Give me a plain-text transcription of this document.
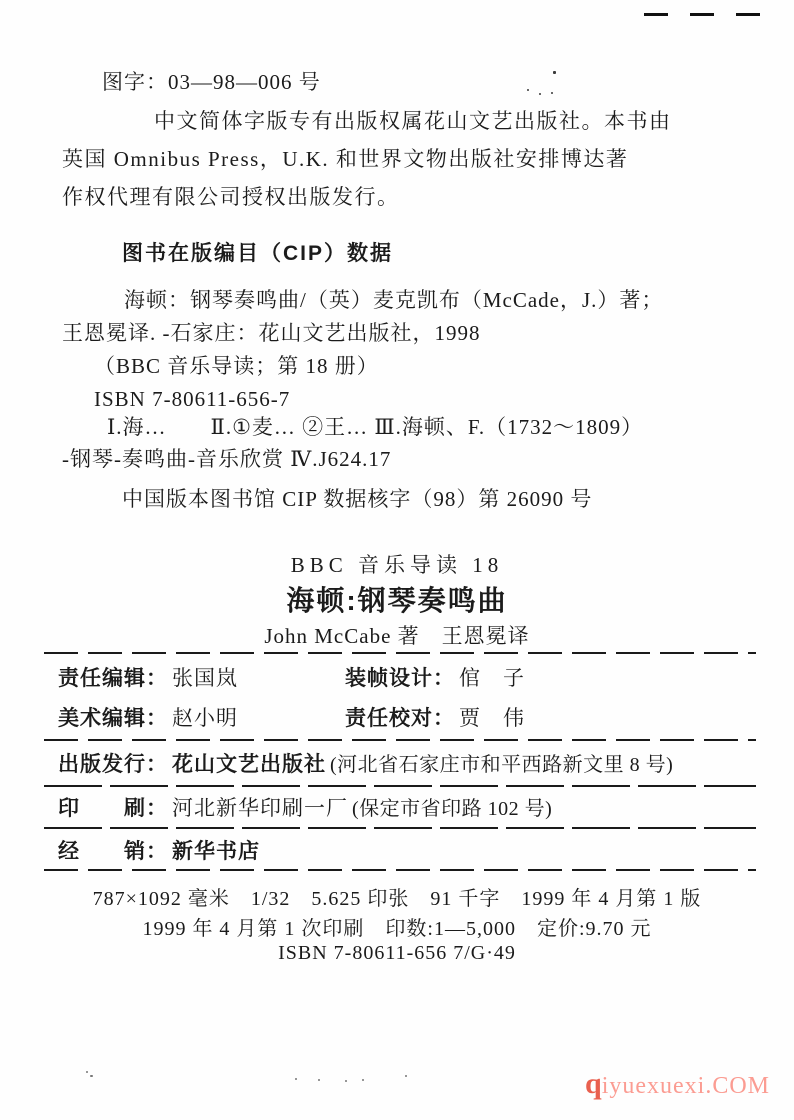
图字：03—98—006 号
中文简体字版专有出版权属花山文艺出版社。本书由
英国 Omnibus Press，U.K. 和世界文物出版社安排博达著
作权代理有限公司授权出版发行。
图书在版编目（CIP）数据
海顿：钢琴奏鸣曲/（英）麦克凯布（McCade，J.）著；
王恩冕译. -石家庄：花山文艺出版社，1998
（BBC 音乐导读；第 18 册）
ISBN 7-80611-656-7
Ⅰ.海…　　Ⅱ.①麦… ②王… Ⅲ.海顿、F.（1732～1809）
-钢琴-奏鸣曲-音乐欣赏 Ⅳ.J624.17
中国版本图书馆 CIP 数据核字（98）第 26090 号
BBC 音乐导读 18
海顿:钢琴奏鸣曲
John McCabe 著　王恩冕译
责任编辑： 张国岚	装帧设计： 倌　子
美术编辑： 赵小明	责任校对： 贾　伟
出版发行： 花山文艺出版社 (河北省石家庄市和平西路新文里 8 号)
印　　刷： 河北新华印刷一厂 (保定市省印路 102 号)
经　　销： 新华书店
787×1092 毫米　1/32　5.625 印张　91 千字　1999 年 4 月第 1 版
1999 年 4 月第 1 次印刷　印数:1—5,000　定价:9.70 元
ISBN 7-80611-656 7/G·49
qiyuexuexi.COM
